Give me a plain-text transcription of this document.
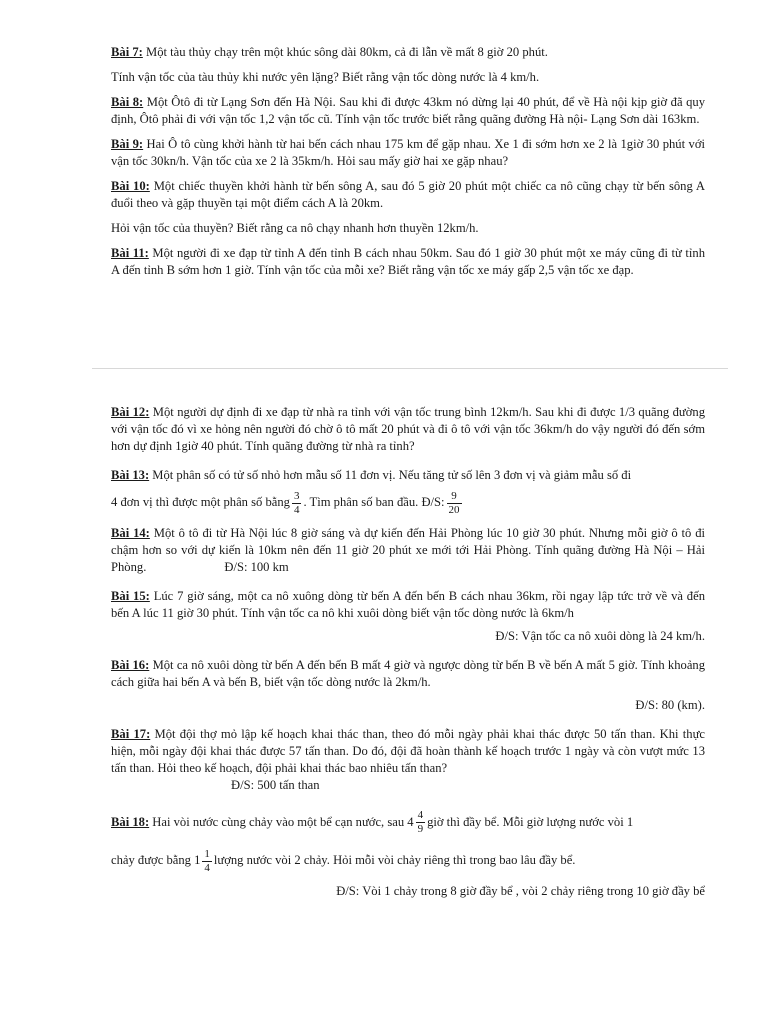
Bài 7: Một tàu thủy chạy trên một khúc sông dài 80km, cả đi lẫn về mất 8 giờ 20 phút.

Tính vận tốc của tàu thủy khi nước yên lặng? Biết rằng vận tốc dòng nước là 4 km/h.

Bài 8: Một Ôtô đi từ Lạng Sơn đến Hà Nội. Sau khi đi được 43km nó dừng lại 40 phút, để về Hà nội kịp giờ đã quy định, Ôtô phải đi với vận tốc 1,2 vận tốc cũ. Tính vận tốc trước biết rằng quãng đường Hà nội- Lạng Sơn dài 163km.

Bài 9: Hai Ô tô cùng khởi hành từ hai bến cách nhau 175 km để gặp nhau. Xe 1 đi sớm hơn xe 2 là 1giờ 30 phút với vận tốc 30kn/h. Vận tốc của xe 2 là 35km/h. Hỏi sau mấy giờ hai xe gặp nhau?

Bài 10: Một chiếc thuyền khởi hành từ bến sông A, sau đó 5 giờ 20 phút một chiếc ca nô cũng chạy từ bến sông A đuổi theo và gặp thuyền tại một điểm cách A là 20km.

Hỏi vận tốc của thuyền? Biết rằng ca nô chạy nhanh hơn thuyền 12km/h.

Bài 11: Một người đi xe đạp từ tỉnh A đến tỉnh B cách nhau 50km. Sau đó 1 giờ 30 phút một xe máy cũng đi từ tỉnh A đến tỉnh B sớm hơn 1 giờ. Tính vận tốc của mỗi xe? Biết rằng vận tốc xe máy gấp 2,5 vận tốc xe đạp.

Bài 12: Một người dự định đi xe đạp từ nhà ra tỉnh với vận tốc trung bình 12km/h. Sau khi đi được 1/3 quãng đường với vận tốc đó vì xe hỏng nên người đó chờ ô tô mất 20 phút và đi ô tô với vận tốc 36km/h do vậy người đó đến sớm hơn dự định 1giờ 40 phút. Tính quãng đường từ nhà ra tỉnh?

Bài 13: Một phân số có tử số nhỏ hơn mẫu số 11 đơn vị. Nếu tăng tử số lên 3 đơn vị và giảm mẫu số đi

4 đơn vị thì được một phân số bằng $\frac{3}{4}$ . Tìm phân số ban đầu. Đ/S: $\frac{9}{20}$

Bài 14: Một ô tô đi từ Hà Nội lúc 8 giờ sáng và dự kiến đến Hải Phòng lúc 10 giờ 30 phút. Nhưng mỗi giờ ô tô đi chậm hơn so với dự kiến là 10km nên đến 11 giờ 20 phút xe mới tới Hải Phòng. Tính quãng đường Hà Nội – Hải Phòng.	Đ/S: 100 km

Bài 15: Lúc 7 giờ sáng, một ca nô xuông dòng từ bến A đến bến B cách nhau 36km, rồi ngay lập tức trở về và đến bến A lúc 11 giờ 30 phút. Tính vận tốc ca nô khi xuôi dòng biết vận tốc dòng nước là 6km/h

Đ/S: Vận tốc ca nô xuôi dòng là 24 km/h.

Bài 16: Một ca nô xuôi dòng từ bến A đến bến B mất 4 giờ và ngược dòng từ bến B về bến A mất 5 giờ. Tính khoảng cách giữa hai bến A và bến B, biết vận tốc dòng nước là 2km/h.

Đ/S: 80 (km).

Bài 17: Một đội thợ mỏ lập kế hoạch khai thác than, theo đó mỗi ngày phải khai thác được 50 tấn than. Khi thực hiện, mỗi ngày đội khai thác được 57 tấn than. Do đó, đội đã hoàn thành kế hoạch trước 1 ngày và còn vượt mức 13 tấn than. Hỏi theo kế hoạch, đội phải khai thác bao nhiêu tấn than?

Đ/S: 500 tấn than

Bài 18: Hai vòi nước cùng chảy vào một bể cạn nước, sau $4 \frac{4}{9}$ giờ thì đầy bể. Mỗi giờ lượng nước vòi 1

chảy được bằng $1 \frac{1}{4}$ lượng nước vòi 2 chảy. Hỏi mỗi vòi chảy riêng thì trong bao lâu đầy bể.

Đ/S: Vòi 1 chảy trong 8 giờ đầy bể , vòi 2 chảy riêng trong 10 giờ đầy bể
